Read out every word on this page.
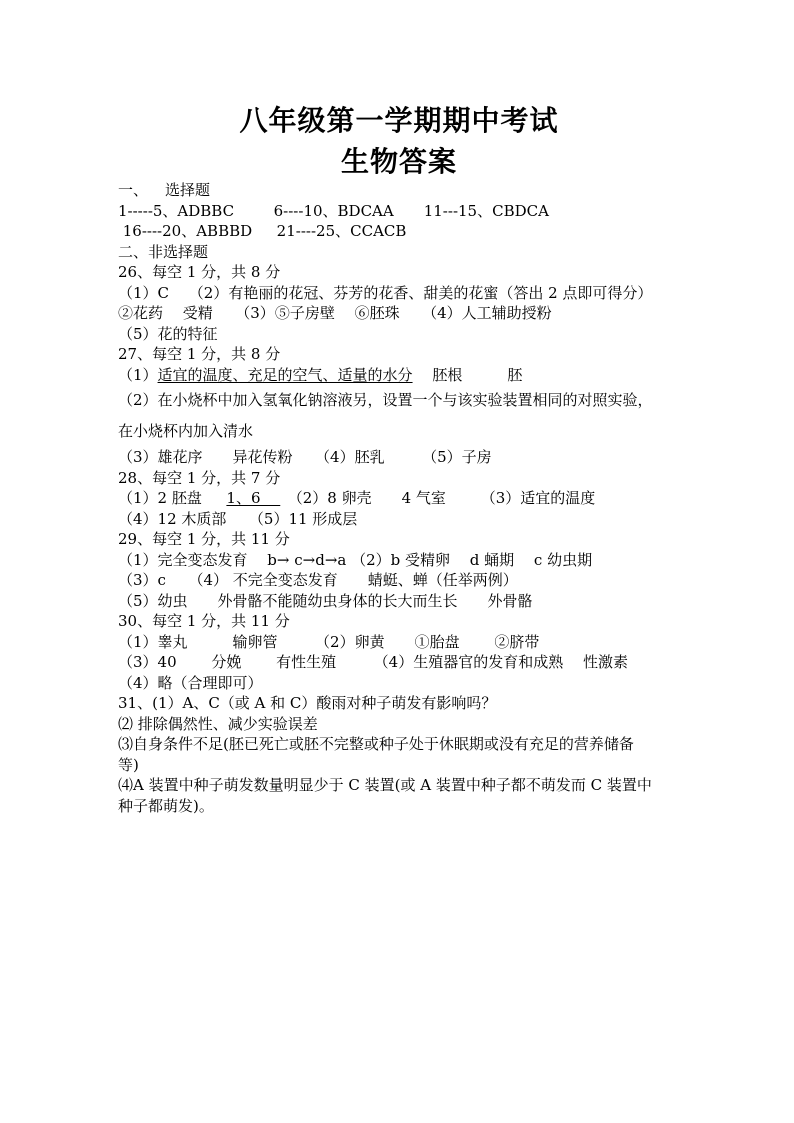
八年级第一学期期中考试
生物答案
一、　  选择题
1-----5、ADBBC　　  6----10、BDCAA　　11---15、CBDCA
16----20、ABBBD　  21----25、CCACB
二、非选择题
26、每空 1 分，共 8 分
（1）C　 （2）有艳丽的花冠、芬芳的花香、甜美的花蜜（答出 2 点即可得分）
②花药　 受精　　（3）⑤子房壁　 ⑥胚珠　　（4）人工辅助授粉
（5）花的特征
27、每空 1 分，共 8 分
（1）适宜的温度、充足的空气、适量的水分　 胚根　　　胚
（2）在小烧杯中加入氢氧化钠溶液另，设置一个与该实验装置相同的对照实验，
在小烧杯内加入清水
（3）雄花序　　异花传粉　　（4）胚乳　　　（5）子房
28、每空 1 分，共 7 分
（1）2 胚盘　  1、6　 　（2）8 卵壳　　4 气室　　 （3）适宜的温度
（4）12 木质部　　（5）11 形成层
29、每空 1 分，共 11 分
（1）完全变态发育　 b→ c→d→a （2）b 受精卵　 d 蛹期　 c 幼虫期
（3）c　　（4） 不完全变态发育　　蜻蜓、蝉（任举两例）
（5）幼虫　　外骨骼不能随幼虫身体的长大而生长　　外骨骼
30、每空 1 分，共 11 分
（1）睾丸　　　输卵管　　　（2）卵黄　　①胎盘　　 ②脐带
（3）40　　 分娩　　 有性生殖　　　（4）生殖器官的发育和成熟　 性激素
（4）略（合理即可）
31、(1）A、C（或 A 和 C）酸雨对种子萌发有影响吗？
⑵ 排除偶然性、减少实验误差
⑶自身条件不足(胚已死亡或胚不完整或种子处于休眠期或没有充足的营养储备
等)
⑷A 装置中种子萌发数量明显少于 C 装置(或 A 装置中种子都不萌发而 C 装置中
种子都萌发)。
